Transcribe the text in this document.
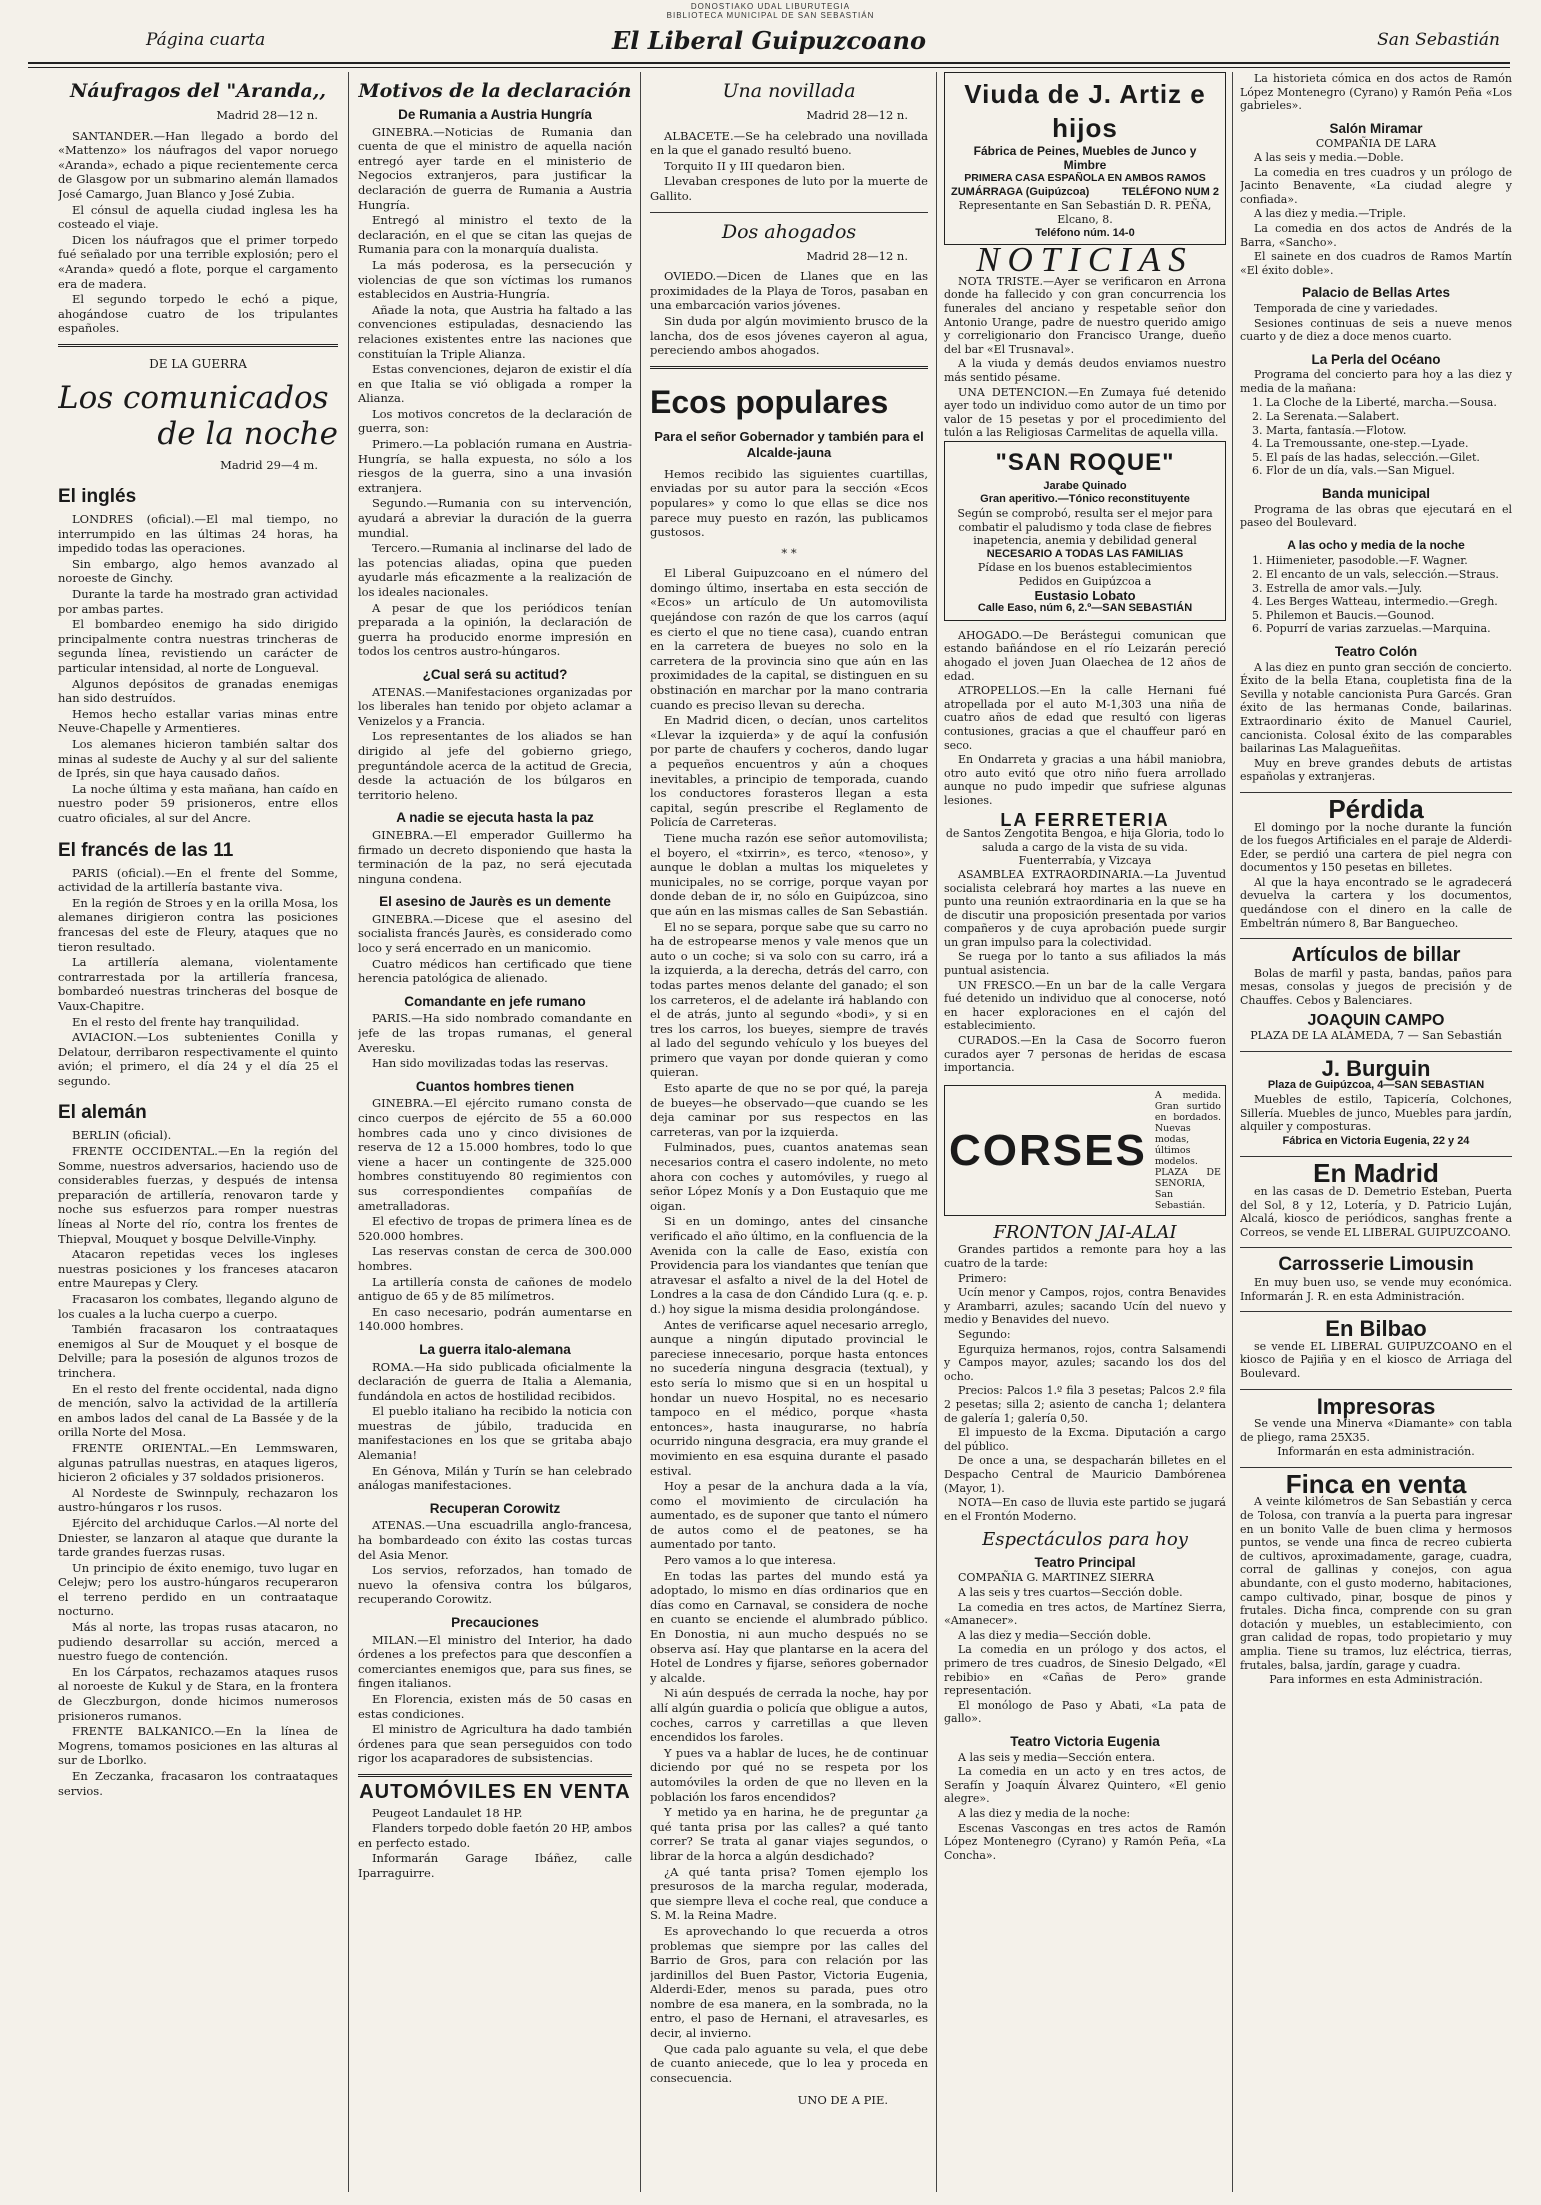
DONOSTIAKO UDAL LIBURUTEGIA
BIBLIOTECA MUNICIPAL DE SAN SEBASTIÁN
Página cuarta	El Liberal Guipuzcoano	San Sebastián
Náufragos del "Aranda,,
Madrid 28—12 n.

SANTANDER.—Han llegado a bordo del «Mattenzo» los náufragos del vapor noruego «Aranda», echado a pique recientemente cerca de Glasgow por un submarino alemán llamados José Camargo, Juan Blanco y José Zubia.

El cónsul de aquella ciudad inglesa les ha costeado el viaje.

Dicen los náufragos que el primer torpedo fué señalado por una terrible explosión; pero el «Aranda» quedó a flote, porque el cargamento era de madera.

El segundo torpedo le echó a pique, ahogándose cuatro de los tripulantes españoles.

DE LA GUERRA
Los comunicados
de la noche
Madrid 29—4 m.
El inglés

LONDRES (oficial).—El mal tiempo, no interrumpido en las últimas 24 horas, ha impedido todas las operaciones.

Sin embargo, algo hemos avanzado al noroeste de Ginchy.

Durante la tarde ha mostrado gran actividad por ambas partes.

El bombardeo enemigo ha sido dirigido principalmente contra nuestras trincheras de segunda línea, revistiendo un carácter de particular intensidad, al norte de Longueval.

Algunos depósitos de granadas enemigas han sido destruídos.

Hemos hecho estallar varias minas entre Neuve-Chapelle y Armentieres.

Los alemanes hicieron también saltar dos minas al sudeste de Auchy y al sur del saliente de Iprés, sin que haya causado daños.

La noche última y esta mañana, han caído en nuestro poder 59 prisioneros, entre ellos cuatro oficiales, al sur del Ancre.

El francés de las 11

PARIS (oficial).—En el frente del Somme, actividad de la artillería bastante viva.

En la región de Stroes y en la orilla Mosa, los alemanes dirigieron contra las posiciones francesas del este de Fleury, ataques que no tieron resultado.

La artillería alemana, violentamente contrarrestada por la artillería francesa, bombardeó nuestras trincheras del bosque de Vaux-Chapitre.

En el resto del frente hay tranquilidad.

AVIACION.—Los subtenientes Conilla y Delatour, derribaron respectivamente el quinto avión; el primero, el día 24 y el día 25 el segundo.

El alemán

BERLIN (oficial).

FRENTE OCCIDENTAL.—En la región del Somme, nuestros adversarios, haciendo uso de considerables fuerzas, y después de intensa preparación de artillería, renovaron tarde y noche sus esfuerzos para romper nuestras líneas al Norte del río, contra los frentes de Thiepval, Mouquet y bosque Delville-Vinphy.

Atacaron repetidas veces los ingleses nuestras posiciones y los franceses atacaron entre Maurepas y Clery.

Fracasaron los combates, llegando alguno de los cuales a la lucha cuerpo a cuerpo.

También fracasaron los contraataques enemigos al Sur de Mouquet y el bosque de Delville; para la posesión de algunos trozos de trinchera.

En el resto del frente occidental, nada digno de mención, salvo la actividad de la artillería en ambos lados del canal de La Bassée y de la orilla Norte del Mosa.

FRENTE ORIENTAL.—En Lemmswaren, algunas patrullas nuestras, en ataques ligeros, hicieron 2 oficiales y 37 soldados prisioneros.

Al Nordeste de Swinnpuly, rechazaron los austro-húngaros r los rusos.

Ejército del archiduque Carlos.—Al norte del Dniester, se lanzaron al ataque que durante la tarde grandes fuerzas rusas.

Un principio de éxito enemigo, tuvo lugar en Celejw; pero los austro-húngaros recuperaron el terreno perdido en un contraataque nocturno.

Más al norte, las tropas rusas atacaron, no pudiendo desarrollar su acción, merced a nuestro fuego de contención.

En los Cárpatos, rechazamos ataques rusos al noroeste de Kukul y de Stara, en la frontera de Gleczburgon, donde hicimos numerosos prisioneros rumanos.

FRENTE BALKANICO.—En la línea de Mogrens, tomamos posiciones en las alturas al sur de Lborlko.

En Zeczanka, fracasaron los contraataques servios.

Motivos de la declaración
De Rumania a Austria Hungría

GINEBRA.—Noticias de Rumania dan cuenta de que el ministro de aquella nación entregó ayer tarde en el ministerio de Negocios extranjeros, para justificar la declaración de guerra de Rumania a Austria Hungría.

Entregó al ministro el texto de la declaración, en el que se citan las quejas de Rumania para con la monarquía dualista.

La más poderosa, es la persecución y violencias de que son víctimas los rumanos establecidos en Austria-Hungría.

Añade la nota, que Austria ha faltado a las convenciones estipuladas, desnaciendo las relaciones existentes entre las naciones que constituían la Triple Alianza.

Estas convenciones, dejaron de existir el día en que Italia se vió obligada a romper la Alianza.

Los motivos concretos de la declaración de guerra, son:

Primero.—La población rumana en Austria-Hungría, se halla expuesta, no sólo a los riesgos de la guerra, sino a una invasión extranjera.

Segundo.—Rumania con su intervención, ayudará a abreviar la duración de la guerra mundial.

Tercero.—Rumania al inclinarse del lado de las potencias aliadas, opina que pueden ayudarle más eficazmente a la realización de los ideales nacionales.

A pesar de que los periódicos tenían preparada a la opinión, la declaración de guerra ha producido enorme impresión en todos los centros austro-húngaros.

¿Cual será su actitud?

ATENAS.—Manifestaciones organizadas por los liberales han tenido por objeto aclamar a Venizelos y a Francia.

Los representantes de los aliados se han dirigido al jefe del gobierno griego, preguntándole acerca de la actitud de Grecia, desde la actuación de los búlgaros en territorio heleno.

A nadie se ejecuta hasta la paz

GINEBRA.—El emperador Guillermo ha firmado un decreto disponiendo que hasta la terminación de la paz, no será ejecutada ninguna condena.

El asesino de Jaurès es un demente

GINEBRA.—Dicese que el asesino del socialista francés Jaurès, es considerado como loco y será encerrado en un manicomio.

Cuatro médicos han certificado que tiene herencia patológica de alienado.

Comandante en jefe rumano

PARIS.—Ha sido nombrado comandante en jefe de las tropas rumanas, el general Averesku.

Han sido movilizadas todas las reservas.

Cuantos hombres tienen

GINEBRA.—El ejército rumano consta de cinco cuerpos de ejército de 55 a 60.000 hombres cada uno y cinco divisiones de reserva de 12 a 15.000 hombres, todo lo que viene a hacer un contingente de 325.000 hombres constituyendo 80 regimientos con sus correspondientes compañías de ametralladoras.

El efectivo de tropas de primera línea es de 520.000 hombres.

Las reservas constan de cerca de 300.000 hombres.

La artillería consta de cañones de modelo antiguo de 65 y de 85 milímetros.

En caso necesario, podrán aumentarse en 140.000 hombres.

La guerra italo-alemana

ROMA.—Ha sido publicada oficialmente la declaración de guerra de Italia a Alemania, fundándola en actos de hostilidad recibidos.

El pueblo italiano ha recibido la noticia con muestras de júbilo, traducida en manifestaciones en los que se gritaba abajo Alemania!

En Génova, Milán y Turín se han celebrado análogas manifestaciones.

Recuperan Corowitz

ATENAS.—Una escuadrilla anglo-francesa, ha bombardeado con éxito las costas turcas del Asia Menor.

Los servios, reforzados, han tomado de nuevo la ofensiva contra los búlgaros, recuperando Corowitz.

Precauciones

MILAN.—El ministro del Interior, ha dado órdenes a los prefectos para que desconfíen a comerciantes enemigos que, para sus fines, se fingen italianos.

En Florencia, existen más de 50 casas en estas condiciones.

El ministro de Agricultura ha dado también órdenes para que sean perseguidos con todo rigor los acaparadores de subsistencias.

AUTOMÓVILES EN VENTA

Peugeot Landaulet 18 HP.

Flanders torpedo doble faetón 20 HP, ambos en perfecto estado.

Informarán Garage Ibáñez, calle Iparraguirre.

Una novillada
Madrid 28—12 n.

ALBACETE.—Se ha celebrado una novillada en la que el ganado resultó bueno.

Torquito II y III quedaron bien.

Llevaban crespones de luto por la muerte de Gallito.

Dos ahogados
Madrid 28—12 n.

OVIEDO.—Dicen de Llanes que en las proximidades de la Playa de Toros, pasaban en una embarcación varios jóvenes.

Sin duda por algún movimiento brusco de la lancha, dos de esos jóvenes cayeron al agua, pereciendo ambos ahogados.

Ecos populares
Para el señor Gobernador y también para el Alcalde-jauna

Hemos recibido las siguientes cuartillas, enviadas por su autor para la sección «Ecos populares» y como lo que ellas se dice nos parece muy puesto en razón, las publicamos gustosos.

* *

El Liberal Guipuzcoano en el número del domingo último, insertaba en esta sección de «Ecos» un artículo de Un automovilista quejándose con razón de que los carros (aquí es cierto el que no tiene casa), cuando entran en la carretera de bueyes no solo en la carretera de la provincia sino que aún en las proximidades de la capital, se distinguen en su obstinación en marchar por la mano contraria cuando es preciso llevan su derecha.

En Madrid dicen, o decían, unos cartelitos «Llevar la izquierda» y de aquí la confusión por parte de chaufers y cocheros, dando lugar a pequeños encuentros y aún a choques inevitables, a principio de temporada, cuando los conductores forasteros llegan a esta capital, según prescribe el Reglamento de Policía de Carreteras.

Tiene mucha razón ese señor automovilista; el boyero, el «txirrin», es terco, «tenoso», y aunque le doblan a multas los miqueletes y municipales, no se corrige, porque vayan por donde deban de ir, no sólo en Guipúzcoa, sino que aún en las mismas calles de San Sebastián.

El no se separa, porque sabe que su carro no ha de estropearse menos y vale menos que un auto o un coche; si va solo con su carro, irá a la izquierda, a la derecha, detrás del carro, con todas partes menos delante del ganado; el son los carreteros, el de adelante irá hablando con el de atrás, junto al segundo «bodi», y si en tres los carros, los bueyes, siempre de través al lado del segundo vehículo y los bueyes del primero que vayan por donde quieran y como quieran.

Esto aparte de que no se por qué, la pareja de bueyes—he observado—que cuando se les deja caminar por sus respectos en las carreteras, van por la izquierda.

Fulminados, pues, cuantos anatemas sean necesarios contra el casero indolente, no meto ahora con coches y automóviles, y ruego al señor López Monís y a Don Eustaquio que me oigan.

Si en un domingo, antes del cinsanche verificado el año último, en la confluencia de la Avenida con la calle de Easo, existía con Providencia para los viandantes que tenían que atravesar el asfalto a nivel de la del Hotel de Londres a la casa de don Cándido Lura (q. e. p. d.) hoy sigue la misma desidia prolongándose.

Antes de verificarse aquel necesario arreglo, aunque a ningún diputado provincial le pareciese innecesario, porque hasta entonces no sucedería ninguna desgracia (textual), y esto sería lo mismo que si en un hospital u hondar un nuevo Hospital, no es necesario tampoco en el médico, porque «hasta entonces», hasta inaugurarse, no habría ocurrido ninguna desgracia, era muy grande el movimiento en esa esquina durante el pasado estival.

Hoy a pesar de la anchura dada a la vía, como el movimiento de circulación ha aumentado, es de suponer que tanto el número de autos como el de peatones, se ha aumentado por tanto.

Pero vamos a lo que interesa.

En todas las partes del mundo está ya adoptado, lo mismo en días ordinarios que en días como en Carnaval, se considera de noche en cuanto se enciende el alumbrado público. En Donostia, ni aun mucho después no se observa así. Hay que plantarse en la acera del Hotel de Londres y fijarse, señores gobernador y alcalde.

Ni aún después de cerrada la noche, hay por allí algún guardia o policía que obligue a autos, coches, carros y carretillas a que lleven encendidos los faroles.

Y pues va a hablar de luces, he de continuar diciendo por qué no se respeta por los automóviles la orden de que no lleven en la población los faros encendidos?

Y metido ya en harina, he de preguntar ¿a qué tanta prisa por las calles? a qué tanto correr? Se trata al ganar viajes segundos, o librar de la horca a algún desdichado?

¿A qué tanta prisa? Tomen ejemplo los presurosos de la marcha regular, moderada, que siempre lleva el coche real, que conduce a S. M. la Reina Madre.

Es aprovechando lo que recuerda a otros problemas que siempre por las calles del Barrio de Gros, para con relación por las jardinillos del Buen Pastor, Victoria Eugenia, Alderdi-Eder, menos su parada, pues otro nombre de esa manera, en la sombrada, no la entro, el paso de Hernani, el atravesarles, es decir, al invierno.

Que cada palo aguante su vela, el que debe de cuanto aniecede, que lo lea y proceda en consecuencia.

UNO DE A PIE.
Viuda de J. Artiz e hijos
Fábrica de Peines, Muebles de Junco y Mimbre
PRIMERA CASA ESPAÑOLA EN AMBOS RAMOS
ZUMÁRRAGA (Guipúzcoa)	TELÉFONO NUM 2
Representante en San Sebastián D. R. PEÑA, Elcano, 8.
Teléfono núm. 14-0
NOTICIAS

NOTA TRISTE.—Ayer se verificaron en Arrona donde ha fallecido y con gran concurrencia los funerales del anciano y respetable señor don Antonio Urange, padre de nuestro querido amigo y correligionario don Francisco Urange, dueño del bar «El Trusnaval».

A la viuda y demás deudos enviamos nuestro más sentido pésame.

UNA DETENCION.—En Zumaya fué detenido ayer todo un individuo como autor de un timo por valor de 15 pesetas y por el procedimiento del tulón a las Religiosas Carmelitas de aquella villa.

"SAN ROQUE"
Jarabe Quinado
Gran aperitivo.—Tónico reconstituyente
Según se comprobó, resulta ser el mejor para combatir el paludismo y toda clase de fiebres inapetencia, anemia y debilidad general
NECESARIO A TODAS LAS FAMILIAS
Pídase en los buenos establecimientos
Pedidos en Guipúzcoa a
Eustasio Lobato
Calle Easo, núm 6, 2.º—SAN SEBASTIÁN

AHOGADO.—De Berástegui comunican que estando bañándose en el río Leizarán pereció ahogado el joven Juan Olaechea de 12 años de edad.

ATROPELLOS.—En la calle Hernani fué atropellada por el auto M-1,303 una niña de cuatro años de edad que resultó con ligeras contusiones, gracias a que el chauffeur paró en seco.

En Ondarreta y gracias a una hábil maniobra, otro auto evitó que otro niño fuera arrollado aunque no pudo impedir que sufriese algunas lesiones.

LA FERRETERIA
de Santos Zengotita Bengoa, e hija Gloria, todo lo saluda a cargo de la vista de su vida. Fuenterrabía, y Vizcaya

ASAMBLEA EXTRAORDINARIA.—La Juventud socialista celebrará hoy martes a las nueve en punto una reunión extraordinaria en la que se ha de discutir una proposición presentada por varios compañeros y de cuya aprobación puede surgir un gran impulso para la colectividad.

Se ruega por lo tanto a sus afiliados la más puntual asistencia.

UN FRESCO.—En un bar de la calle Vergara fué detenido un individuo que al conocerse, notó en hacer exploraciones en el cajón del establecimiento.

CURADOS.—En la Casa de Socorro fueron curados ayer 7 personas de heridas de escasa importancia.

CORSES
A medida. Gran surtido en bordados. Nuevas modas, últimos modelos. PLAZA DE SENORIA, San Sebastián.
FRONTON JAI-ALAI

Grandes partidos a remonte para hoy a las cuatro de la tarde:

Primero:

Ucín menor y Campos, rojos, contra Benavides y Arambarri, azules; sacando Ucín del nuevo y medio y Benavides del nuevo.

Segundo:

Egurquiza hermanos, rojos, contra Salsamendi y Campos mayor, azules; sacando los dos del ocho.

Precios: Palcos 1.º fila 3 pesetas; Palcos 2.º fila 2 pesetas; silla 2; asiento de cancha 1; delantera de galería 1; galería 0,50.

El impuesto de la Excma. Diputación a cargo del público.

De once a una, se despacharán billetes en el Despacho Central de Mauricio Dambórenea (Mayor, 1).

NOTA—En caso de lluvia este partido se jugará en el Frontón Moderno.

Espectáculos para hoy
Teatro Principal

COMPAÑIA G. MARTINEZ SIERRA

A las seis y tres cuartos—Sección doble.

La comedia en tres actos, de Martínez Sierra, «Amanecer».

A las diez y media—Sección doble.

La comedia en un prólogo y dos actos, el primero de tres cuadros, de Sinesio Delgado, «El rebibio» en «Cañas de Pero» grande representación.

El monólogo de Paso y Abati, «La pata de gallo».

Teatro Victoria Eugenia

A las seis y media—Sección entera.

La comedia en un acto y en tres actos, de Serafín y Joaquín Álvarez Quintero, «El genio alegre».

A las diez y media de la noche:

Escenas Vascongas en tres actos de Ramón López Montenegro (Cyrano) y Ramón Peña, «La Concha».

La historieta cómica en dos actos de Ramón López Montenegro (Cyrano) y Ramón Peña «Los gabrieles».

Salón Miramar
COMPAÑIA DE LARA

A las seis y media.—Doble.

La comedia en tres cuadros y un prólogo de Jacinto Benavente, «La ciudad alegre y confiada».

A las diez y media.—Triple.

La comedia en dos actos de Andrés de la Barra, «Sancho».

El sainete en dos cuadros de Ramos Martín «El éxito doble».

Palacio de Bellas Artes

Temporada de cine y variedades.

Sesiones continuas de seis a nueve menos cuarto y de diez a doce menos cuarto.

La Perla del Océano

Programa del concierto para hoy a las diez y media de la mañana:

1. La Cloche de la Liberté, marcha.—Sousa.
2. La Serenata.—Salabert.
3. Marta, fantasía.—Flotow.
4. La Tremoussante, one-step.—Lyade.
5. El país de las hadas, selección.—Gilet.
6. Flor de un día, vals.—San Miguel.
Banda municipal

Programa de las obras que ejecutará en el paseo del Boulevard.

A las ocho y media de la noche
1. Hiimenieter, pasodoble.—F. Wagner.
2. El encanto de un vals, selección.—Straus.
3. Estrella de amor vals.—July.
4. Les Berges Watteau, intermedio.—Gregh.
5. Philemon et Baucis.—Gounod.
6. Popurrí de varias zarzuelas.—Marquina.
Teatro Colón

A las diez en punto gran sección de concierto. Éxito de la bella Etana, coupletista fina de la Sevilla y notable cancionista Pura Garcés. Gran éxito de las hermanas Conde, bailarinas. Extraordinario éxito de Manuel Cauriel, cancionista. Colosal éxito de las comparables bailarinas Las Malagueñitas.

Muy en breve grandes debuts de artistas españolas y extranjeras.

Pérdida

El domingo por la noche durante la función de los fuegos Artificiales en el paraje de Alderdi-Eder, se perdió una cartera de piel negra con documentos y 150 pesetas en billetes.

Al que la haya encontrado se le agradecerá devuelva la cartera y los documentos, quedándose con el dinero en la calle de Embeltrán número 8, Bar Banguecheo.

Artículos de billar

Bolas de marfil y pasta, bandas, paños para mesas, consolas y juegos de precisión y de Chauffes. Cebos y Balenciares.

JOAQUIN CAMPO
PLAZA DE LA ALAMEDA, 7 — San Sebastián
J. Burguin
Plaza de Guipúzcoa, 4—SAN SEBASTIAN

Muebles de estilo, Tapicería, Colchones, Sillería. Muebles de junco, Muebles para jardín, alquiler y composturas.

Fábrica en Victoria Eugenia, 22 y 24
En Madrid

en las casas de D. Demetrio Esteban, Puerta del Sol, 8 y 12, Lotería, y D. Patricio Luján, Alcalá, kiosco de periódicos, sanghas frente a Correos, se vende EL LIBERAL GUIPUZCOANO.

Carrosserie Limousin

En muy buen uso, se vende muy económica. Informarán J. R. en esta Administración.

En Bilbao

se vende EL LIBERAL GUIPUZCOANO en el kiosco de Pajiña y en el kiosco de Arriaga del Boulevard.

Impresoras

Se vende una Minerva «Diamante» con tabla de pliego, rama 25X35.

Informarán en esta administración.
Finca en venta

A veinte kilómetros de San Sebastián y cerca de Tolosa, con tranvía a la puerta para ingresar en un bonito Valle de buen clima y hermosos puntos, se vende una finca de recreo cubierta de cultivos, aproximadamente, garage, cuadra, corral de gallinas y conejos, con agua abundante, con el gusto moderno, habitaciones, campo cultivado, pinar, bosque de pinos y frutales. Dicha finca, comprende con su gran dotación y muebles, un establecimiento, con gran calidad de ropas, todo propietario y muy amplia. Tiene su tramos, luz eléctrica, tierras, frutales, balsa, jardín, garage y cuadra.

Para informes en esta Administración.
